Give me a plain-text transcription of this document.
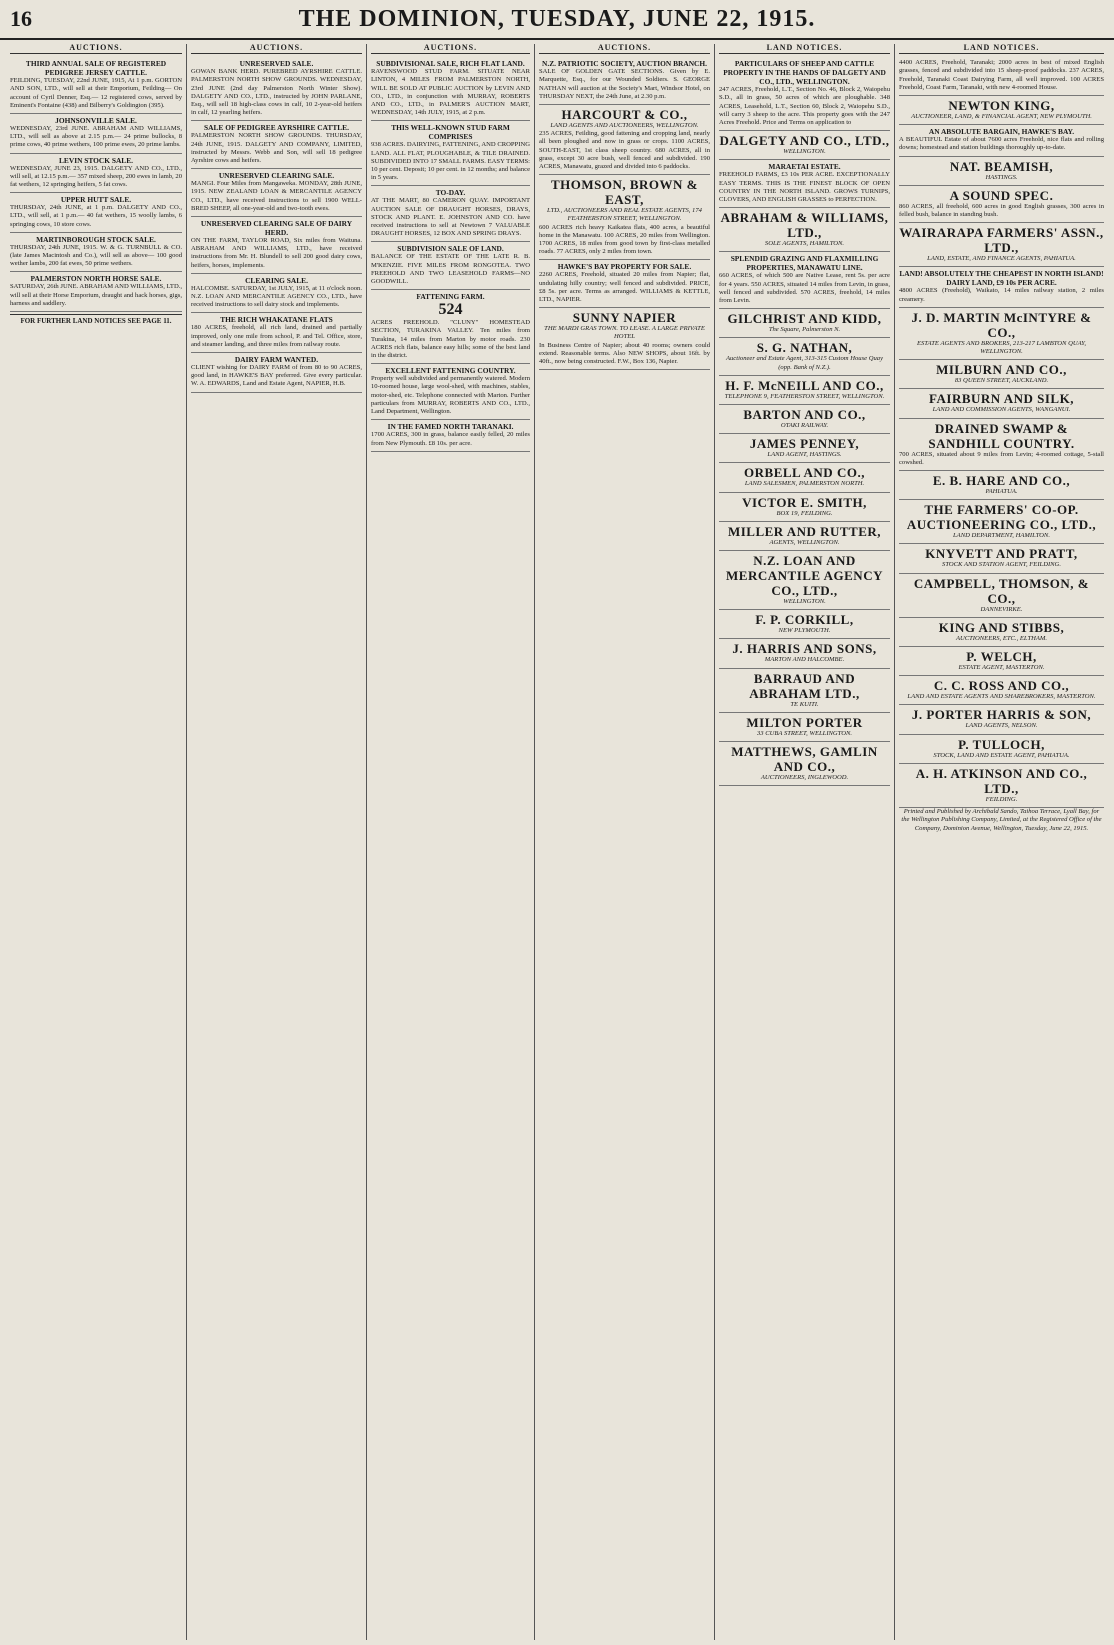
16	THE DOMINION, TUESDAY, JUNE 22, 1915.
AUCTIONS.
THIRD ANNUAL SALE OF REGISTERED PEDIGREE JERSEY CATTLE.
FEILDING, TUESDAY, 22nd JUNE, 1915, At 1 p.m. GORTON AND SON, LTD., will sell at their Emporium, Feilding— On account of Cyril Denner, Esq.— 12 registered cows, served by Eminent's Fontaine (438) and Bilberry's Goldington (395).
JOHNSONVILLE SALE.
WEDNESDAY, 23rd JUNE. ABRAHAM AND WILLIAMS, LTD., will sell as above at 2.15 p.m.— 24 prime bullocks, 8 prime cows, 40 prime wethers, 100 prime ewes, 20 prime lambs.
LEVIN STOCK SALE.
WEDNESDAY, JUNE 23, 1915. DALGETY AND CO., LTD., will sell, at 12.15 p.m.— 357 mixed sheep, 200 ewes in lamb, 20 fat wethers, 12 springing heifers, 5 fat cows.
UPPER HUTT SALE.
THURSDAY, 24th JUNE, at 1 p.m. DALGETY AND CO., LTD., will sell, at 1 p.m.— 40 fat wethers, 15 woolly lambs, 6 springing cows, 10 store cows.
MARTINBOROUGH STOCK SALE.
THURSDAY, 24th JUNE, 1915. W. & G. TURNBULL & CO. (late James Macintosh and Co.), will sell as above— 100 good wether lambs, 200 fat ewes, 50 prime wethers.
PALMERSTON NORTH HORSE SALE.
SATURDAY, 26th JUNE. ABRAHAM AND WILLIAMS, LTD., will sell at their Horse Emporium, draught and hack horses, gigs, harness and saddlery.
FOR FURTHER LAND NOTICES SEE PAGE 11.
AUCTIONS.
UNRESERVED SALE.
GOWAN BANK HERD. PUREBRED AYRSHIRE CATTLE. PALMERSTON NORTH SHOW GROUNDS. WEDNESDAY, 23rd JUNE (2nd day Palmerston North Winter Show). DALGETY AND CO., LTD., instructed by JOHN PARLANE, Esq., will sell 18 high-class cows in calf, 10 2-year-old heifers in calf, 12 yearling heifers.
SALE OF PEDIGREE AYRSHIRE CATTLE.
PALMERSTON NORTH SHOW GROUNDS. THURSDAY, 24th JUNE, 1915. DALGETY AND COMPANY, LIMITED, instructed by Messrs. Webb and Son, will sell 18 pedigree Ayrshire cows and heifers.
UNRESERVED CLEARING SALE.
MANGI. Four Miles from Mangaweka. MONDAY, 28th JUNE, 1915. NEW ZEALAND LOAN & MERCANTILE AGENCY CO., LTD., have received instructions to sell 1900 WELL-BRED SHEEP, all one-year-old and two-tooth ewes.
UNRESERVED CLEARING SALE OF DAIRY HERD.
ON THE FARM, TAYLOR ROAD, Six miles from Waituna. ABRAHAM AND WILLIAMS, LTD., have received instructions from Mr. H. Blundell to sell 200 good dairy cows, heifers, horses, implements.
CLEARING SALE.
HALCOMBE. SATURDAY, 1st JULY, 1915, at 11 o'clock noon. N.Z. LOAN AND MERCANTILE AGENCY CO., LTD., have received instructions to sell dairy stock and implements.
THE RICH WHAKATANE FLATS
180 ACRES, freehold, all rich land, drained and partially improved, only one mile from school, P. and Tel. Office, store, and steamer landing, and three miles from railway route.
DAIRY FARM WANTED.
CLIENT wishing for DAIRY FARM of from 80 to 90 ACRES, good land, in HAWKE'S BAY preferred. Give every particular. W. A. EDWARDS, Land and Estate Agent, NAPIER, H.B.
AUCTIONS.
SUBDIVISIONAL SALE, RICH FLAT LAND.
RAVENSWOOD STUD FARM. SITUATE NEAR LINTON, 4 MILES FROM PALMERSTON NORTH, WILL BE SOLD AT PUBLIC AUCTION by LEVIN AND CO., LTD., in conjunction with MURRAY, ROBERTS AND CO., LTD., in PALMER'S AUCTION MART, WEDNESDAY, 14th JULY, 1915, at 2 p.m.
THIS WELL-KNOWN STUD FARM COMPRISES
938 ACRES. DAIRYING, FATTENING, AND CROPPING LAND. ALL FLAT, PLOUGHABLE, & TILE DRAINED. SUBDIVIDED INTO 17 SMALL FARMS. EASY TERMS: 10 per cent. Deposit; 10 per cent. in 12 months; and balance in 5 years.
TO-DAY.
AT THE MART, 80 CAMERON QUAY. IMPORTANT AUCTION SALE OF DRAUGHT HORSES, DRAYS, STOCK AND PLANT. E. JOHNSTON AND CO. have received instructions to sell at Newtown 7 VALUABLE DRAUGHT HORSES, 12 BOX AND SPRING DRAYS.
SUBDIVISION SALE OF LAND.
BALANCE OF THE ESTATE OF THE LATE R. B. M'KENZIE. FIVE MILES FROM RONGOTEA. TWO FREEHOLD AND TWO LEASEHOLD FARMS—NO GOODWILL.
FATTENING FARM.
524
ACRES FREEHOLD. "CLUNY" HOMESTEAD SECTION, TURAKINA VALLEY. Ten miles from Turakina, 14 miles from Marton by motor roads. 230 ACRES rich flats, balance easy hills; some of the best land in the district.
EXCELLENT FATTENING COUNTRY.
Property well subdivided and permanently watered. Modern 10-roomed house, large wool-shed, with machines, stables, motor-shed, etc. Telephone connected with Marton. Further particulars from MURRAY, ROBERTS AND CO., LTD., Land Department, Wellington.
IN THE FAMED NORTH TARANAKI.
1700 ACRES, 300 in grass, balance easily felled, 20 miles from New Plymouth. £8 10s. per acre.
AUCTIONS.
N.Z. PATRIOTIC SOCIETY, AUCTION BRANCH.
SALE OF GOLDEN GATE SECTIONS. Given by E. Marquette, Esq., for our Wounded Soldiers. S. GEORGE NATHAN will auction at the Society's Mart, Windsor Hotel, on THURSDAY NEXT, the 24th June, at 2.30 p.m.
HARCOURT & CO.,
LAND AGENTS AND AUCTIONEERS, WELLINGTON.
235 ACRES, Feilding, good fattening and cropping land, nearly all been ploughed and now in grass or crops. 1100 ACRES, SOUTH-EAST, 1st class sheep country. 680 ACRES, all in grass, except 30 acre bush, well fenced and subdivided. 190 ACRES, Manawatu, grazed and divided into 6 paddocks.
THOMSON, BROWN & EAST,
LTD., AUCTIONEERS AND REAL ESTATE AGENTS, 174 FEATHERSTON STREET, WELLINGTON.
600 ACRES rich heavy Kaikatea flats, 400 acres, a beautiful home in the Manawatu. 100 ACRES, 20 miles from Wellington. 1700 ACRES, 18 miles from good town by first-class metalled roads. 77 ACRES, only 2 miles from town.
HAWKE'S BAY PROPERTY FOR SALE.
2260 ACRES, Freehold, situated 20 miles from Napier; flat, undulating hilly country; well fenced and subdivided. PRICE, £8 5s. per acre. Terms as arranged. WILLIAMS & KETTLE, LTD., NAPIER.
SUNNY NAPIER
THE MARDI GRAS TOWN. TO LEASE. A LARGE PRIVATE HOTEL
In Business Centre of Napier; about 40 rooms; owners could extend. Reasonable terms. Also NEW SHOPS, about 16ft. by 40ft., now being constructed. F.W., Box 136, Napier.
LAND NOTICES.
PARTICULARS OF SHEEP AND CATTLE PROPERTY IN THE HANDS OF DALGETY AND CO., LTD., WELLINGTON.
247 ACRES, Freehold, L.T., Section No. 46, Block 2, Waiopehu S.D., all in grass, 50 acres of which are ploughable. 348 ACRES, Leasehold, L.T., Section 60, Block 2, Waiopehu S.D., will carry 3 sheep to the acre. This property goes with the 247 Acres Freehold. Price and Terms on application to
DALGETY AND CO., LTD.,
WELLINGTON.
MARAETAI ESTATE.
FREEHOLD FARMS, £3 10s PER ACRE. EXCEPTIONALLY EASY TERMS. THIS IS THE FINEST BLOCK OF OPEN COUNTRY IN THE NORTH ISLAND. GROWS TURNIPS, CLOVERS, AND ENGLISH GRASSES to PERFECTION.
ABRAHAM & WILLIAMS, LTD.,
SOLE AGENTS, HAMILTON.
SPLENDID GRAZING AND FLAXMILLING PROPERTIES, MANAWATU LINE.
660 ACRES, of which 500 are Native Lease, rent 5s. per acre for 4 years. 550 ACRES, situated 14 miles from Levin, in grass, well fenced and subdivided. 570 ACRES, freehold, 14 miles from Levin.
GILCHRIST AND KIDD,
The Square, Palmerston N.
S. G. NATHAN,
Auctioneer and Estate Agent, 313-315 Custom House Quay (opp. Bank of N.Z.).
H. F. McNEILL AND CO.,
TELEPHONE 9, FEATHERSTON STREET, WELLINGTON.
BARTON AND CO.,
OTAKI RAILWAY.
JAMES PENNEY,
LAND AGENT, HASTINGS.
ORBELL AND CO.,
LAND SALESMEN, PALMERSTON NORTH.
VICTOR E. SMITH,
BOX 19, FEILDING.
MILLER AND RUTTER,
AGENTS, WELLINGTON.
N.Z. LOAN AND MERCANTILE AGENCY CO., LTD.,
WELLINGTON.
F. P. CORKILL,
NEW PLYMOUTH.
J. HARRIS AND SONS,
MARTON AND HALCOMBE.
BARRAUD AND ABRAHAM LTD.,
TE KUITI.
MILTON PORTER
33 CUBA STREET, WELLINGTON.
MATTHEWS, GAMLIN AND CO.,
AUCTIONEERS, INGLEWOOD.
LAND NOTICES.
4400 ACRES, Freehold, Taranaki; 2000 acres in best of mixed English grasses, fenced and subdivided into 15 sheep-proof paddocks. 237 ACRES, Freehold, Taranaki Coast Dairying Farm, all well improved. 100 ACRES Freehold, Coast Farm, Taranaki, with new 4-roomed House.
NEWTON KING,
AUCTIONEER, LAND, & FINANCIAL AGENT, NEW PLYMOUTH.
AN ABSOLUTE BARGAIN, HAWKE'S BAY.
A BEAUTIFUL Estate of about 7600 acres Freehold, nice flats and rolling downs; homestead and station buildings thoroughly up-to-date.
NAT. BEAMISH,
HASTINGS.
A SOUND SPEC.
860 ACRES, all freehold, 600 acres in good English grasses, 300 acres in felled bush, balance in standing bush.
WAIRARAPA FARMERS' ASSN., LTD.,
LAND, ESTATE, AND FINANCE AGENTS, PAHIATUA.
LAND! ABSOLUTELY THE CHEAPEST IN NORTH ISLAND! DAIRY LAND, £9 10s PER ACRE.
4800 ACRES (Freehold), Waikato, 14 miles railway station, 2 miles creamery.
J. D. MARTIN McINTYRE & CO.,
ESTATE AGENTS AND BROKERS, 213-217 LAMBTON QUAY, WELLINGTON.
MILBURN AND CO.,
83 QUEEN STREET, AUCKLAND.
FAIRBURN AND SILK,
LAND AND COMMISSION AGENTS, WANGANUI.
DRAINED SWAMP & SANDHILL COUNTRY.
700 ACRES, situated about 9 miles from Levin; 4-roomed cottage, 5-stall cowshed.
E. B. HARE AND CO.,
PAHIATUA.
THE FARMERS' CO-OP. AUCTIONEERING CO., LTD.,
LAND DEPARTMENT, HAMILTON.
KNYVETT AND PRATT,
STOCK AND STATION AGENT, FEILDING.
CAMPBELL, THOMSON, & CO.,
DANNEVIRKE.
KING AND STIBBS,
AUCTIONEERS, ETC., ELTHAM.
P. WELCH,
ESTATE AGENT, MASTERTON.
C. C. ROSS AND CO.,
LAND AND ESTATE AGENTS AND SHAREBROKERS, MASTERTON.
J. PORTER HARRIS & SON,
LAND AGENTS, NELSON.
P. TULLOCH,
STOCK, LAND AND ESTATE AGENT, PAHIATUA.
A. H. ATKINSON AND CO., LTD.,
FEILDING.
Printed and Published by Archibald Sando, Taihoa Terrace, Lyall Bay, for the Wellington Publishing Company, Limited, at the Registered Office of the Company, Dominion Avenue, Wellington, Tuesday, June 22, 1915.
